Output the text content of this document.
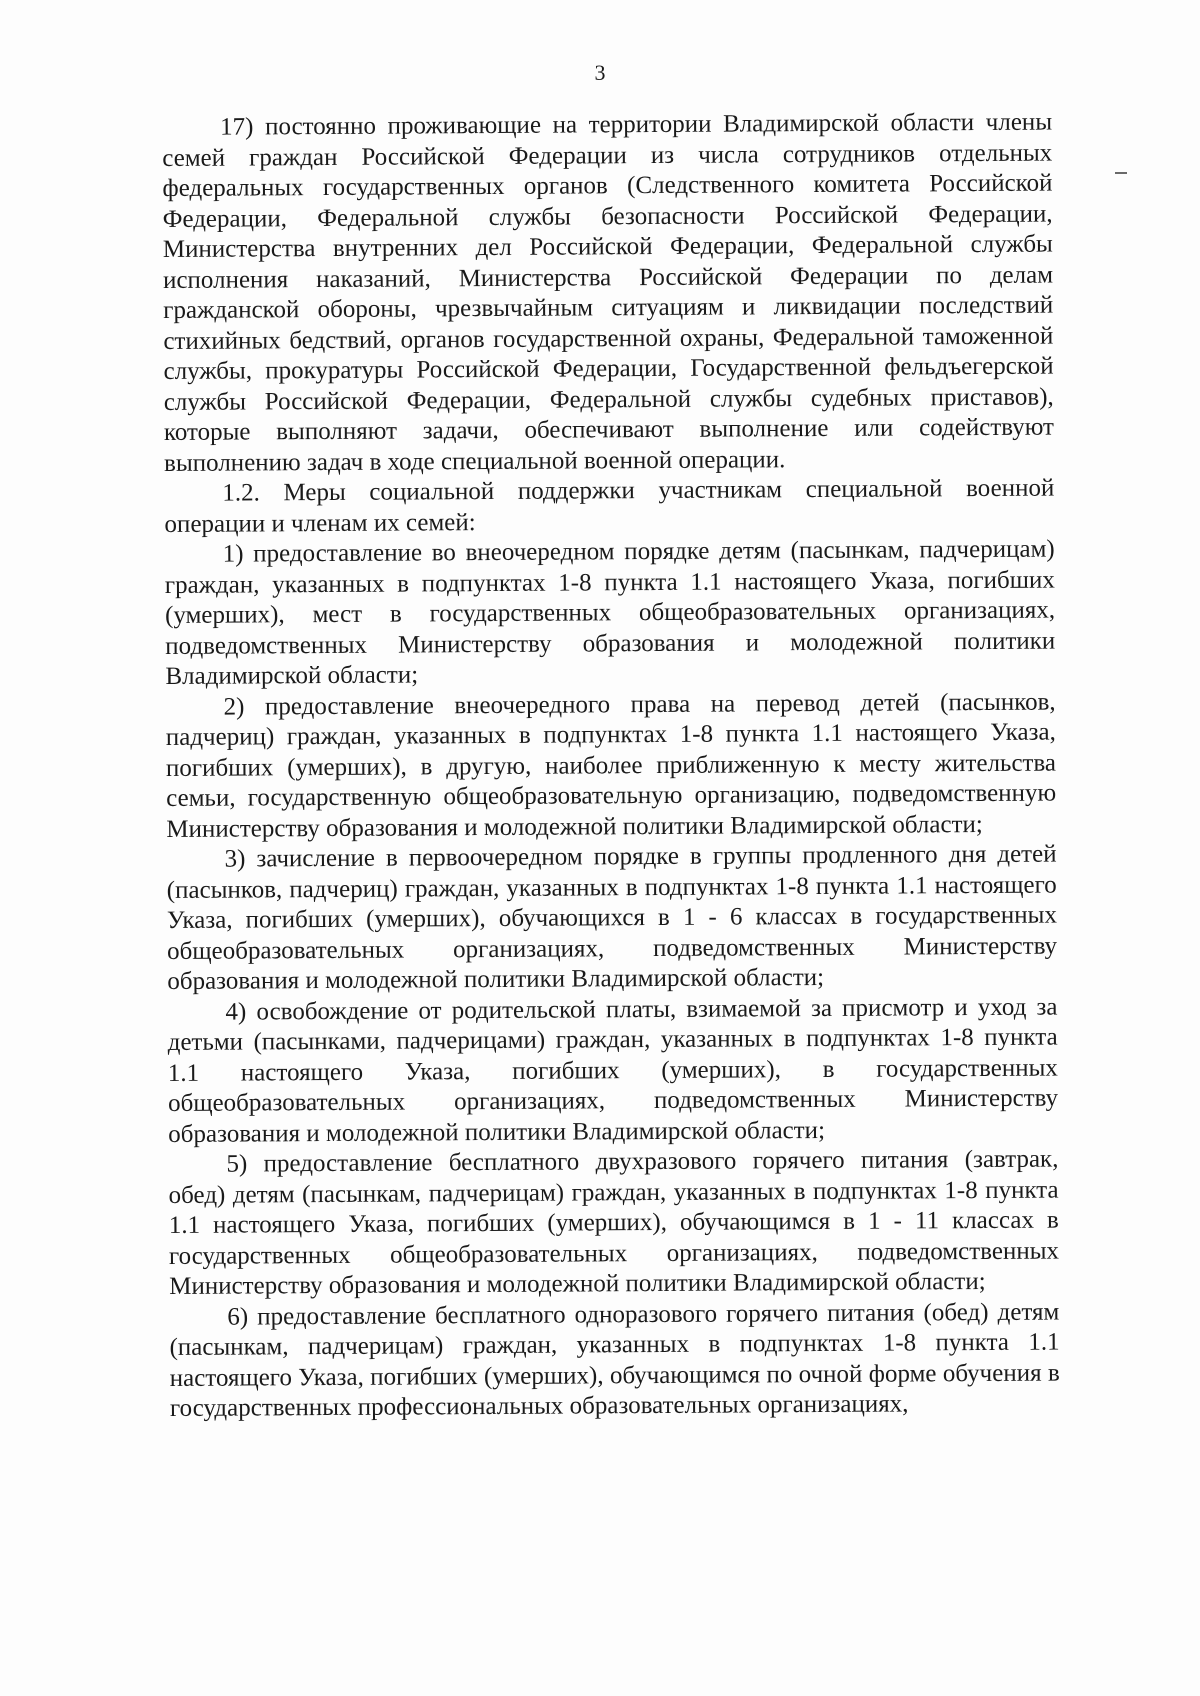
3

17) постоянно проживающие на территории Владимирской области члены семей граждан Российской Федерации из числа сотрудников отдельных федеральных государственных органов (Следственного комитета Российской Федерации, Федеральной службы безопасности Российской Федерации, Министерства внутренних дел Российской Федерации, Федеральной службы исполнения наказаний, Министерства Российской Федерации по делам гражданской обороны, чрезвычайным ситуациям и ликвидации последствий стихийных бедствий, органов государственной охраны, Федеральной таможенной службы, прокуратуры Российской Федерации, Государственной фельдъегерской службы Российской Федерации, Федеральной службы судебных приставов), которые выполняют задачи, обеспечивают выполнение или содействуют выполнению задач в ходе специальной военной операции.

1.2. Меры социальной поддержки участникам специальной военной операции и членам их семей:

1) предоставление во внеочередном порядке детям (пасынкам, падчерицам) граждан, указанных в подпунктах 1-8 пункта 1.1 настоящего Указа, погибших (умерших), мест в государственных общеобразовательных организациях, подведомственных Министерству образования и молодежной политики Владимирской области;

2) предоставление внеочередного права на перевод детей (пасынков, падчериц) граждан, указанных в подпунктах 1-8 пункта 1.1 настоящего Указа, погибших (умерших), в другую, наиболее приближенную к месту жительства семьи, государственную общеобразовательную организацию, подведомственную Министерству образования и молодежной политики Владимирской области;

3) зачисление в первоочередном порядке в группы продленного дня детей (пасынков, падчериц) граждан, указанных в подпунктах 1-8 пункта 1.1 настоящего Указа, погибших (умерших), обучающихся в 1 - 6 классах в государственных общеобразовательных организациях, подведомственных Министерству образования и молодежной политики Владимирской области;

4) освобождение от родительской платы, взимаемой за присмотр и уход за детьми (пасынками, падчерицами) граждан, указанных в подпунктах 1-8 пункта 1.1 настоящего Указа, погибших (умерших), в государственных общеобразовательных организациях, подведомственных Министерству образования и молодежной политики Владимирской области;

5) предоставление бесплатного двухразового горячего питания (завтрак, обед) детям (пасынкам, падчерицам) граждан, указанных в подпунктах 1-8 пункта 1.1 настоящего Указа, погибших (умерших), обучающимся в 1 - 11 классах в государственных общеобразовательных организациях, подведомственных Министерству образования и молодежной политики Владимирской области;

6) предоставление бесплатного одноразового горячего питания (обед) детям (пасынкам, падчерицам) граждан, указанных в подпунктах 1-8 пункта 1.1 настоящего Указа, погибших (умерших), обучающимся по очной форме обучения в государственных профессиональных образовательных организациях,
